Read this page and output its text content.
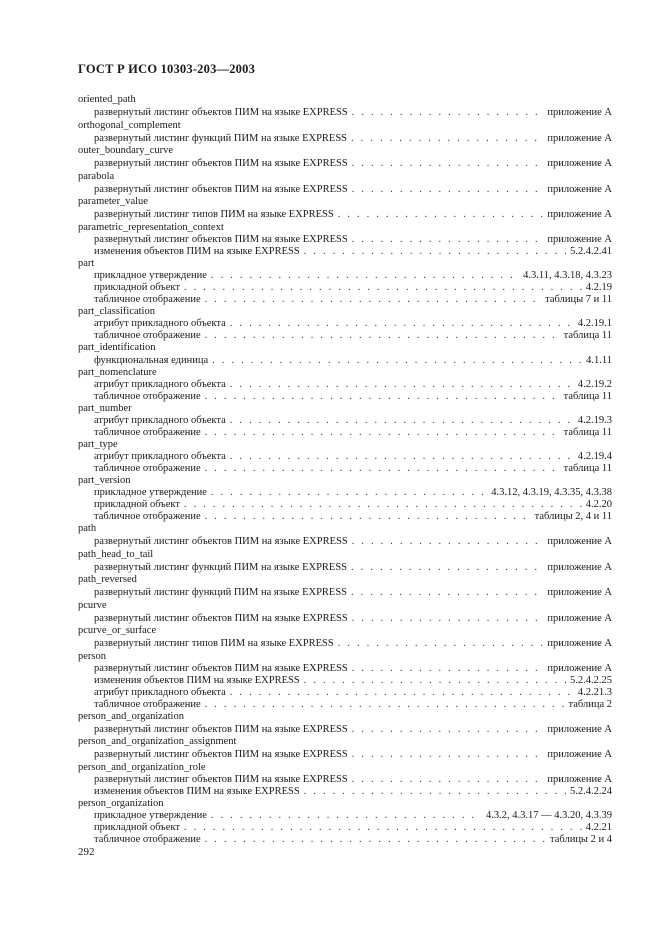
ГОСТ Р ИСО 10303-203—2003
oriented_path
развернутый листинг объектов ПИМ на языке EXPRESS . . .	приложение А
orthogonal_complement
развернутый листинг функций ПИМ на языке EXPRESS . . .	приложение А
outer_boundary_curve
развернутый листинг объектов ПИМ на языке EXPRESS . . .	приложение А
parabola
развернутый листинг объектов ПИМ на языке EXPRESS . . .	приложение А
parameter_value
развернутый листинг типов ПИМ на языке EXPRESS . . .	приложение А
parametric_representation_context
развернутый листинг объектов ПИМ на языке EXPRESS . . .	приложение А
изменения объектов ПИМ на языке EXPRESS . . .	5.2.4.2.41
part
прикладное утверждение . . .	4.3.11, 4.3.18, 4.3.23
прикладной объект . . .	4.2.19
табличное отображение . . .	таблицы 7 и 11
part_classification
атрибут прикладного объекта . . .	4.2.19.1
табличное отображение . . .	таблица 11
part_identification
функциональная единица . . .	4.1.11
part_nomenclature
атрибут прикладного объекта . . .	4.2.19.2
табличное отображение . . .	таблица 11
part_number
атрибут прикладного объекта . . .	4.2.19.3
табличное отображение . . .	таблица 11
part_type
атрибут прикладного объекта . . .	4.2.19.4
табличное отображение . . .	таблица 11
part_version
прикладное утверждение . . .	4.3.12, 4.3.19, 4.3.35, 4.3.38
прикладной объект . . .	4.2.20
табличное отображение . . .	таблицы 2, 4 и 11
path
развернутый листинг объектов ПИМ на языке EXPRESS . . .	приложение А
path_head_to_tail
развернутый листинг функций ПИМ на языке EXPRESS . . .	приложение А
path_reversed
развернутый листинг функций ПИМ на языке EXPRESS . . .	приложение А
pcurve
развернутый листинг объектов ПИМ на языке EXPRESS . . .	приложение А
pcurve_or_surface
развернутый листинг типов ПИМ на языке EXPRESS . . .	приложение А
person
развернутый листинг объектов ПИМ на языке EXPRESS . . .	приложение А
изменения объектов ПИМ на языке EXPRESS . . .	5.2.4.2.25
атрибут прикладного объекта . . .	4.2.21.3
табличное отображение . . .	таблица 2
person_and_organization
развернутый листинг объектов ПИМ на языке EXPRESS . . .	приложение А
person_and_organization_assignment
развернутый листинг объектов ПИМ на языке EXPRESS . . .	приложение А
person_and_organization_role
развернутый листинг объектов ПИМ на языке EXPRESS . . .	приложение А
изменения объектов ПИМ на языке EXPRESS . . .	5.2.4.2.24
person_organization
прикладное утверждение . . .	4.3.2, 4.3.17 — 4.3.20, 4.3.39
прикладной объект . . .	4.2.21
табличное отображение . . .	таблицы 2 и 4
292
